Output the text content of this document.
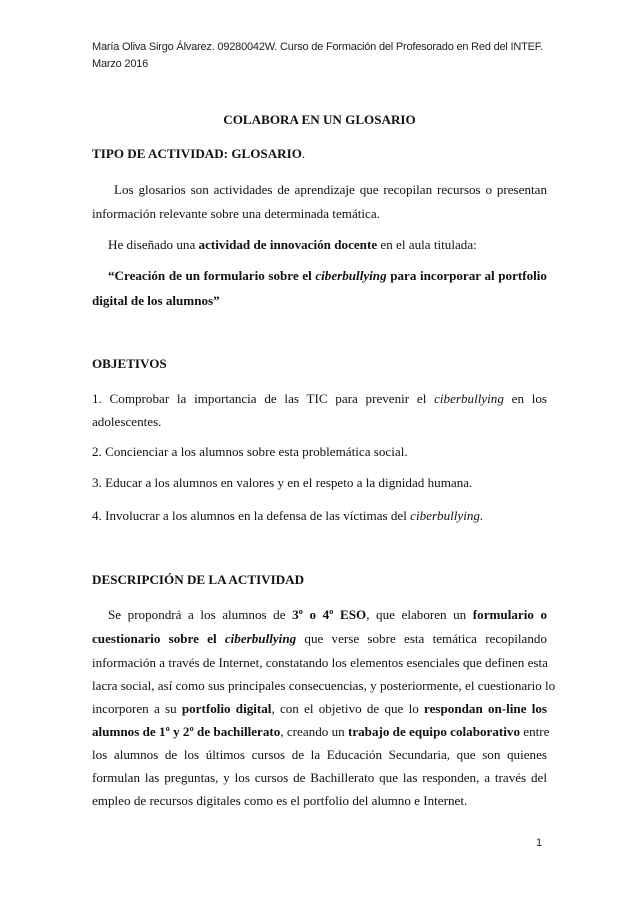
María Oliva Sirgo Álvarez. 09280042W. Curso de Formación del Profesorado en Red del INTEF.
Marzo 2016
COLABORA EN UN GLOSARIO
TIPO DE ACTIVIDAD: GLOSARIO.
Los glosarios son actividades de aprendizaje que recopilan recursos o presentan
información relevante sobre una determinada temática.
He diseñado una actividad de innovación docente en el aula titulada:
“Creación de un formulario sobre el ciberbullying para incorporar al portfolio
digital de los alumnos”
OBJETIVOS
1. Comprobar la importancia de las TIC para prevenir el ciberbullying en los
adolescentes.
2. Concienciar a los alumnos sobre esta problemática social.
3. Educar a los alumnos en valores y en el respeto a la dignidad humana.
4. Involucrar a los alumnos en la defensa de las víctimas del ciberbullying.
DESCRIPCIÓN DE LA ACTIVIDAD
Se propondrá a los alumnos de 3º o 4º ESO, que elaboren un formulario o
cuestionario sobre el ciberbullying que verse sobre esta temática recopilando
información a través de Internet, constatando los elementos esenciales que definen esta
lacra social, así como sus principales consecuencias, y posteriormente, el cuestionario lo
incorporen a su portfolio digital, con el objetivo de que lo respondan on-line los
alumnos de 1º y 2º de bachillerato, creando un trabajo de equipo colaborativo entre
los alumnos de los últimos cursos de la Educación Secundaria, que son quienes
formulan las preguntas, y los cursos de Bachillerato que las responden, a través del
empleo de recursos digitales como es el portfolio del alumno e Internet.
1
